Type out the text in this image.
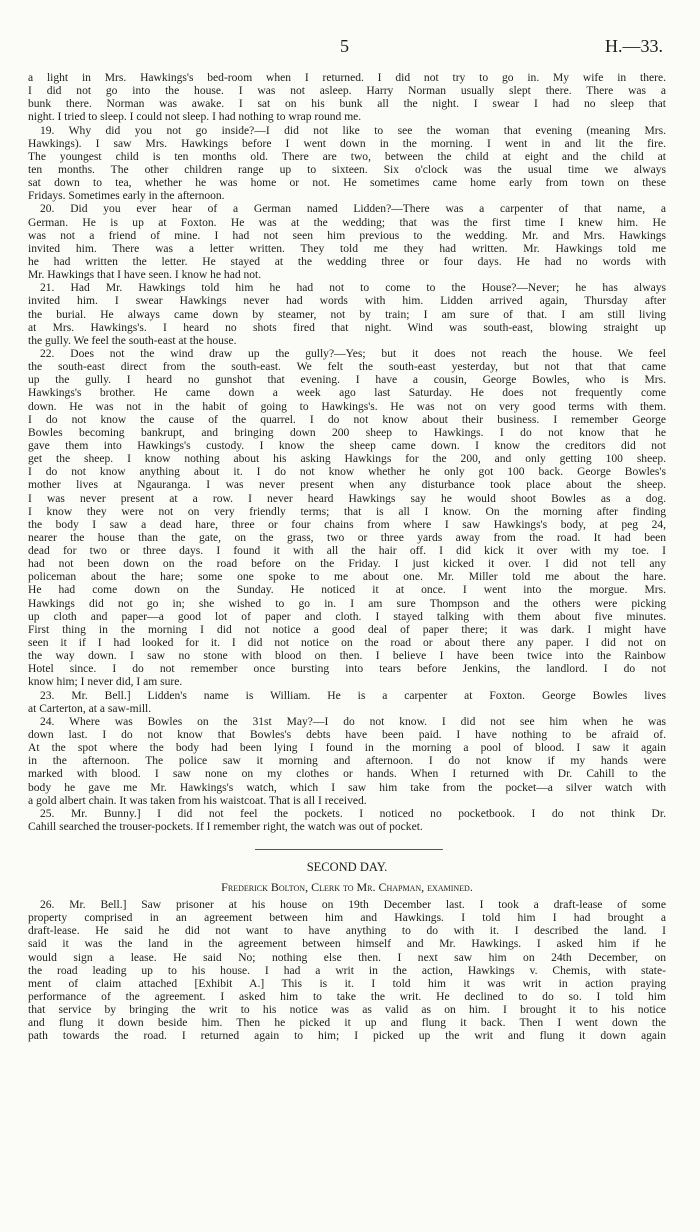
5	H.—33.
a light in Mrs. Hawkings's bed-room when I returned. I did not try to go in. My wife in there.
I did not go into the house. I was not asleep. Harry Norman usually slept there. There was a
bunk there. Norman was awake. I sat on his bunk all the night. I swear I had no sleep that
night. I tried to sleep. I could not sleep. I had nothing to wrap round me.
19. Why did you not go inside?—I did not like to see the woman that evening (meaning Mrs.
Hawkings). I saw Mrs. Hawkings before I went down in the morning. I went in and lit the fire.
The youngest child is ten months old. There are two, between the child at eight and the child at
ten months. The other children range up to sixteen. Six o'clock was the usual time we always
sat down to tea, whether he was home or not. He sometimes came home early from town on these
Fridays. Sometimes early in the afternoon.
20. Did you ever hear of a German named Lidden?—There was a carpenter of that name, a
German. He is up at Foxton. He was at the wedding; that was the first time I knew him. He
was not a friend of mine. I had not seen him previous to the wedding. Mr. and Mrs. Hawkings
invited him. There was a letter written. They told me they had written. Mr. Hawkings told me
he had written the letter. He stayed at the wedding three or four days. He had no words with
Mr. Hawkings that I have seen. I know he had not.
21. Had Mr. Hawkings told him he had not to come to the House?—Never; he has always
invited him. I swear Hawkings never had words with him. Lidden arrived again, Thursday after
the burial. He always came down by steamer, not by train; I am sure of that. I am still living
at Mrs. Hawkings's. I heard no shots fired that night. Wind was south-east, blowing straight up
the gully. We feel the south-east at the house.
22. Does not the wind draw up the gully?—Yes; but it does not reach the house. We feel
the south-east direct from the south-east. We felt the south-east yesterday, but not that that came
up the gully. I heard no gunshot that evening. I have a cousin, George Bowles, who is Mrs.
Hawkings's brother. He came down a week ago last Saturday. He does not frequently come
down. He was not in the habit of going to Hawkings's. He was not on very good terms with them.
I do not know the cause of the quarrel. I do not know about their business. I remember George
Bowles becoming bankrupt, and bringing down 200 sheep to Hawkings. I do not know that he
gave them into Hawkings's custody. I know the sheep came down. I know the creditors did not
get the sheep. I know nothing about his asking Hawkings for the 200, and only getting 100 sheep.
I do not know anything about it. I do not know whether he only got 100 back. George Bowles's
mother lives at Ngauranga. I was never present when any disturbance took place about the sheep.
I was never present at a row. I never heard Hawkings say he would shoot Bowles as a dog.
I know they were not on very friendly terms; that is all I know. On the morning after finding
the body I saw a dead hare, three or four chains from where I saw Hawkings's body, at peg 24,
nearer the house than the gate, on the grass, two or three yards away from the road. It had been
dead for two or three days. I found it with all the hair off. I did kick it over with my toe. I
had not been down on the road before on the Friday. I just kicked it over. I did not tell any
policeman about the hare; some one spoke to me about one. Mr. Miller told me about the hare.
He had come down on the Sunday. He noticed it at once. I went into the morgue. Mrs.
Hawkings did not go in; she wished to go in. I am sure Thompson and the others were picking
up cloth and paper—a good lot of paper and cloth. I stayed talking with them about five minutes.
First thing in the morning I did not notice a good deal of paper there; it was dark. I might have
seen it if I had looked for it. I did not notice on the road or about there any paper. I did not on
the way down. I saw no stone with blood on then. I believe I have been twice into the Rainbow
Hotel since. I do not remember once bursting into tears before Jenkins, the landlord. I do not
know him; I never did, I am sure.
23. Mr. Bell.] Lidden's name is William. He is a carpenter at Foxton. George Bowles lives
at Carterton, at a saw-mill.
24. Where was Bowles on the 31st May?—I do not know. I did not see him when he was
down last. I do not know that Bowles's debts have been paid. I have nothing to be afraid of.
At the spot where the body had been lying I found in the morning a pool of blood. I saw it again
in the afternoon. The police saw it morning and afternoon. I do not know if my hands were
marked with blood. I saw none on my clothes or hands. When I returned with Dr. Cahill to the
body he gave me Mr. Hawkings's watch, which I saw him take from the pocket—a silver watch with
a gold albert chain. It was taken from his waistcoat. That is all I received.
25. Mr. Bunny.] I did not feel the pockets. I noticed no pocketbook. I do not think Dr.
Cahill searched the trouser-pockets. If I remember right, the watch was out of pocket.
SECOND DAY.
Frederick Bolton, Clerk to Mr. Chapman, examined.
26. Mr. Bell.] Saw prisoner at his house on 19th December last. I took a draft-lease of some
property comprised in an agreement between him and Hawkings. I told him I had brought a
draft-lease. He said he did not want to have anything to do with it. I described the land. I
said it was the land in the agreement between himself and Mr. Hawkings. I asked him if he
would sign a lease. He said No; nothing else then. I next saw him on 24th December, on
the road leading up to his house. I had a writ in the action, Hawkings v. Chemis, with state-
ment of claim attached [Exhibit A.] This is it. I told him it was writ in action praying
performance of the agreement. I asked him to take the writ. He declined to do so. I told him
that service by bringing the writ to his notice was as valid as on him. I brought it to his notice
and flung it down beside him. Then he picked it up and flung it back. Then I went down the
path towards the road. I returned again to him; I picked up the writ and flung it down again
